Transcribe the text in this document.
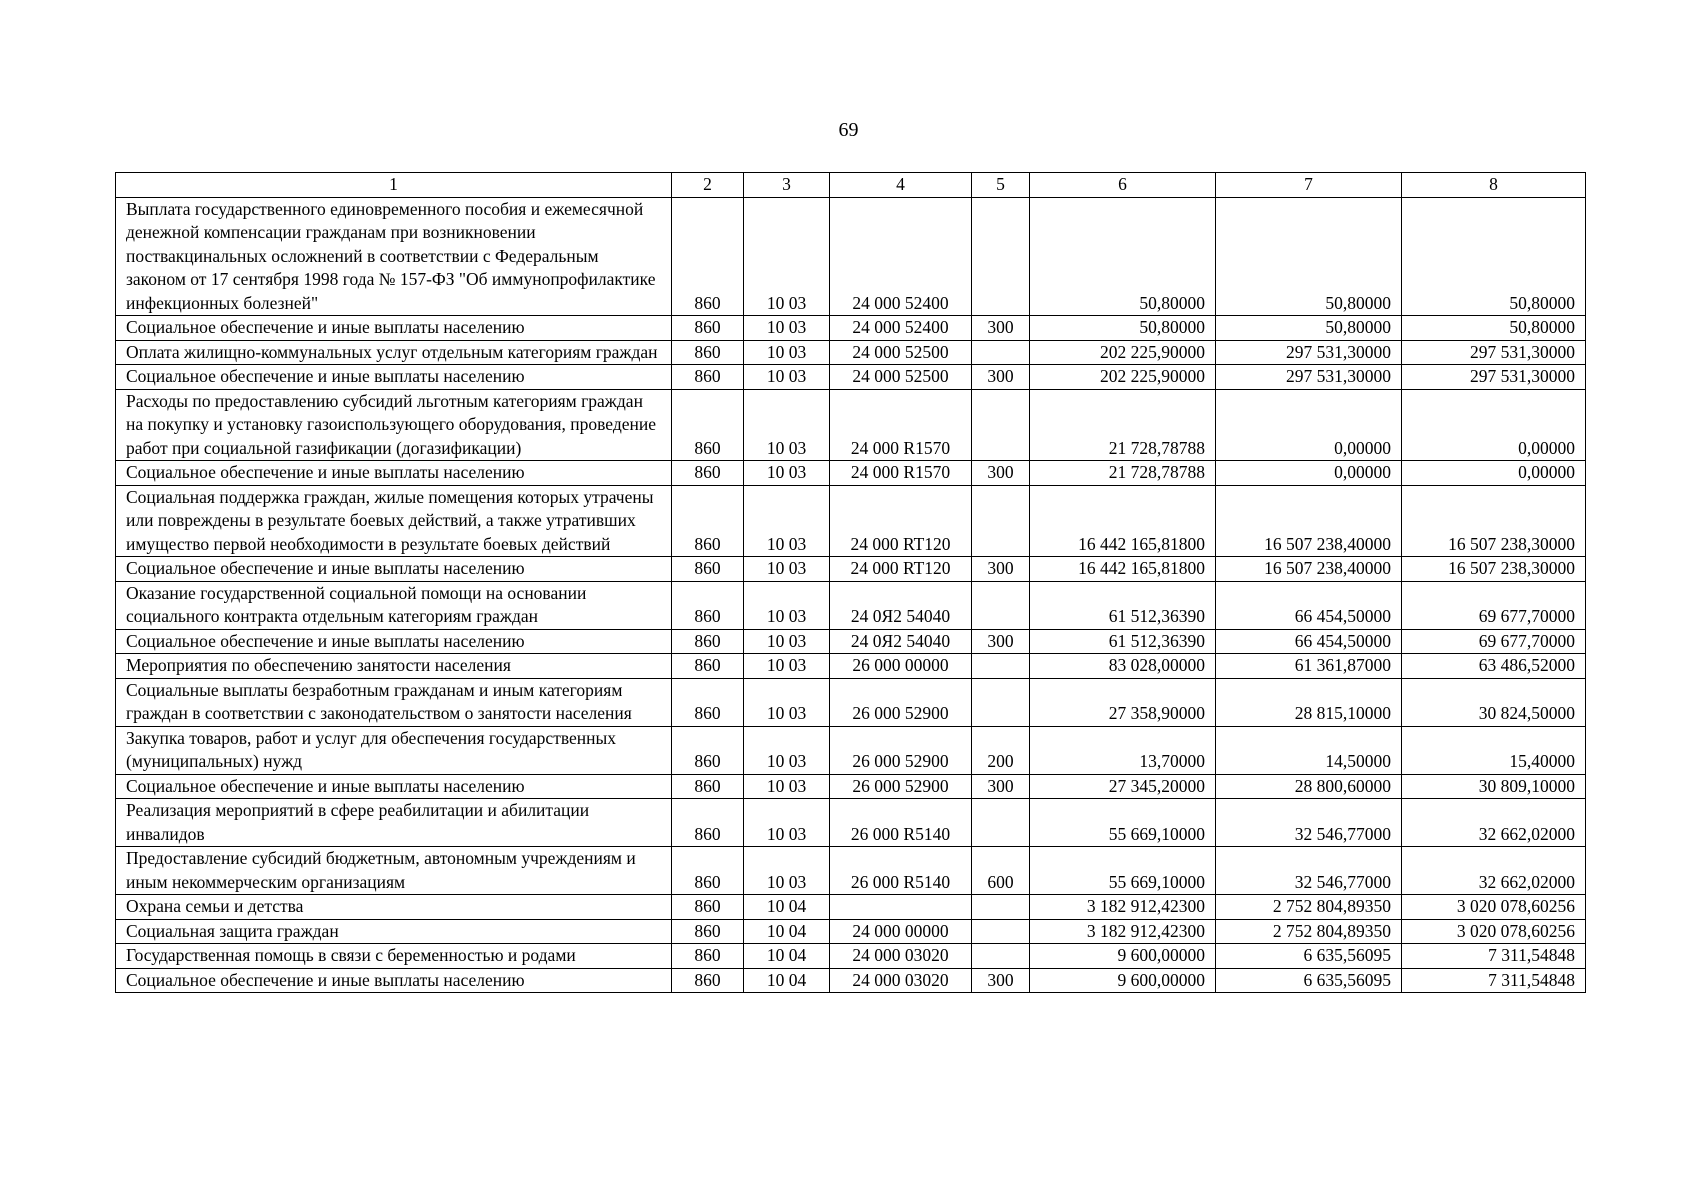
69
1	2	3	4	5	6	7	8
Выплата государственного единовременного пособия и ежемесячной денежной компенсации гражданам при возникновении поствакцинальных осложнений в соответствии с Федеральным законом от 17 сентября 1998 года № 157-ФЗ "Об иммунопрофилактике инфекционных болезней"	860	10 03	24 000 52400		50,80000	50,80000	50,80000
Социальное обеспечение и иные выплаты населению	860	10 03	24 000 52400	300	50,80000	50,80000	50,80000
Оплата жилищно-коммунальных услуг отдельным категориям граждан	860	10 03	24 000 52500		202 225,90000	297 531,30000	297 531,30000
Социальное обеспечение и иные выплаты населению	860	10 03	24 000 52500	300	202 225,90000	297 531,30000	297 531,30000
Расходы по предоставлению субсидий льготным категориям граждан на покупку и установку газоиспользующего оборудования, проведение работ при социальной газификации (догазификации)	860	10 03	24 000 R1570		21 728,78788	0,00000	0,00000
Социальное обеспечение и иные выплаты населению	860	10 03	24 000 R1570	300	21 728,78788	0,00000	0,00000
Социальная поддержка граждан, жилые помещения которых утрачены или повреждены в результате боевых действий, а также утративших имущество первой необходимости в результате боевых действий	860	10 03	24 000 RT120		16 442 165,81800	16 507 238,40000	16 507 238,30000
Социальное обеспечение и иные выплаты населению	860	10 03	24 000 RT120	300	16 442 165,81800	16 507 238,40000	16 507 238,30000
Оказание государственной социальной помощи на основании социального контракта отдельным категориям граждан	860	10 03	24 0Я2 54040		61 512,36390	66 454,50000	69 677,70000
Социальное обеспечение и иные выплаты населению	860	10 03	24 0Я2 54040	300	61 512,36390	66 454,50000	69 677,70000
Мероприятия по обеспечению занятости населения	860	10 03	26 000 00000		83 028,00000	61 361,87000	63 486,52000
Социальные выплаты безработным гражданам и иным категориям граждан в соответствии с законодательством о занятости населения	860	10 03	26 000 52900		27 358,90000	28 815,10000	30 824,50000
Закупка товаров, работ и услуг для обеспечения государственных (муниципальных) нужд	860	10 03	26 000 52900	200	13,70000	14,50000	15,40000
Социальное обеспечение и иные выплаты населению	860	10 03	26 000 52900	300	27 345,20000	28 800,60000	30 809,10000
Реализация мероприятий в сфере реабилитации и абилитации инвалидов	860	10 03	26 000 R5140		55 669,10000	32 546,77000	32 662,02000
Предоставление субсидий бюджетным, автономным учреждениям и иным некоммерческим организациям	860	10 03	26 000 R5140	600	55 669,10000	32 546,77000	32 662,02000
Охрана семьи и детства	860	10 04			3 182 912,42300	2 752 804,89350	3 020 078,60256
Социальная защита граждан	860	10 04	24 000 00000		3 182 912,42300	2 752 804,89350	3 020 078,60256
Государственная помощь в связи с беременностью и родами	860	10 04	24 000 03020		9 600,00000	6 635,56095	7 311,54848
Социальное обеспечение и иные выплаты населению	860	10 04	24 000 03020	300	9 600,00000	6 635,56095	7 311,54848
